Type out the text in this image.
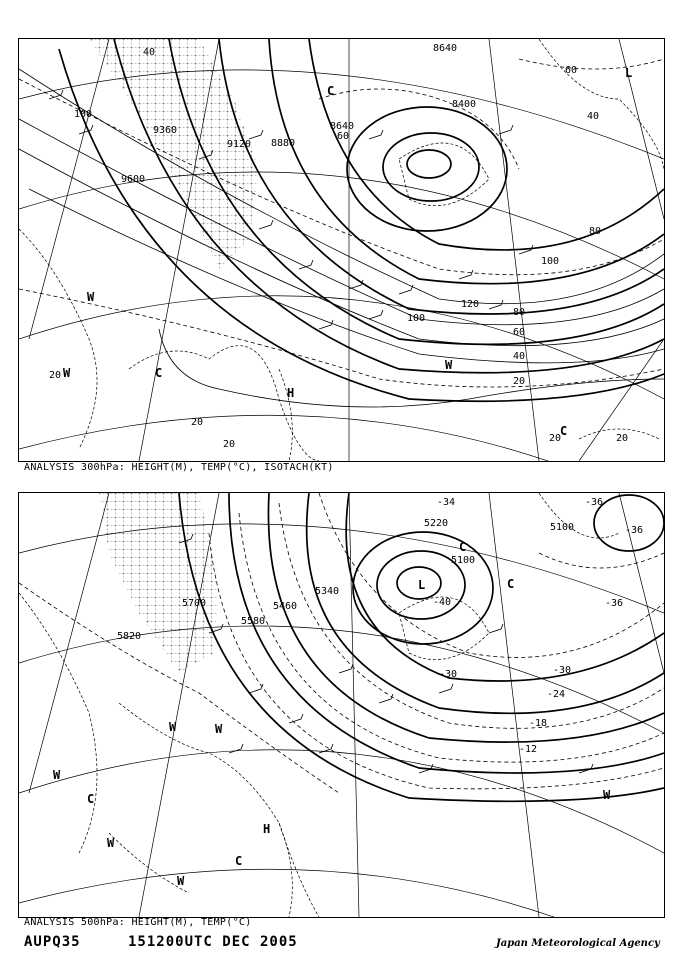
8640
8400
8640
8880
9120
9360
9600
40
100
60
80
100
120
100
80
60
40
20
20
20
20
20	20
40
60
C
L
W
W
W
H
C
C
ANALYSIS 300hPa: HEIGHT(M), TEMP(°C), ISOTACH(KT)
5220
5100
5100
5340
5460
5580
5700
5820
-34	-36
-36
-30
-24
-18
-12
-40	-36
-30
C
L	C
W
W
W
W
C
H
C
W
W
ANALYSIS 500hPa: HEIGHT(M), TEMP(°C)
AUPQ35	151200UTC DEC 2005	Japan Meteorological Agency
